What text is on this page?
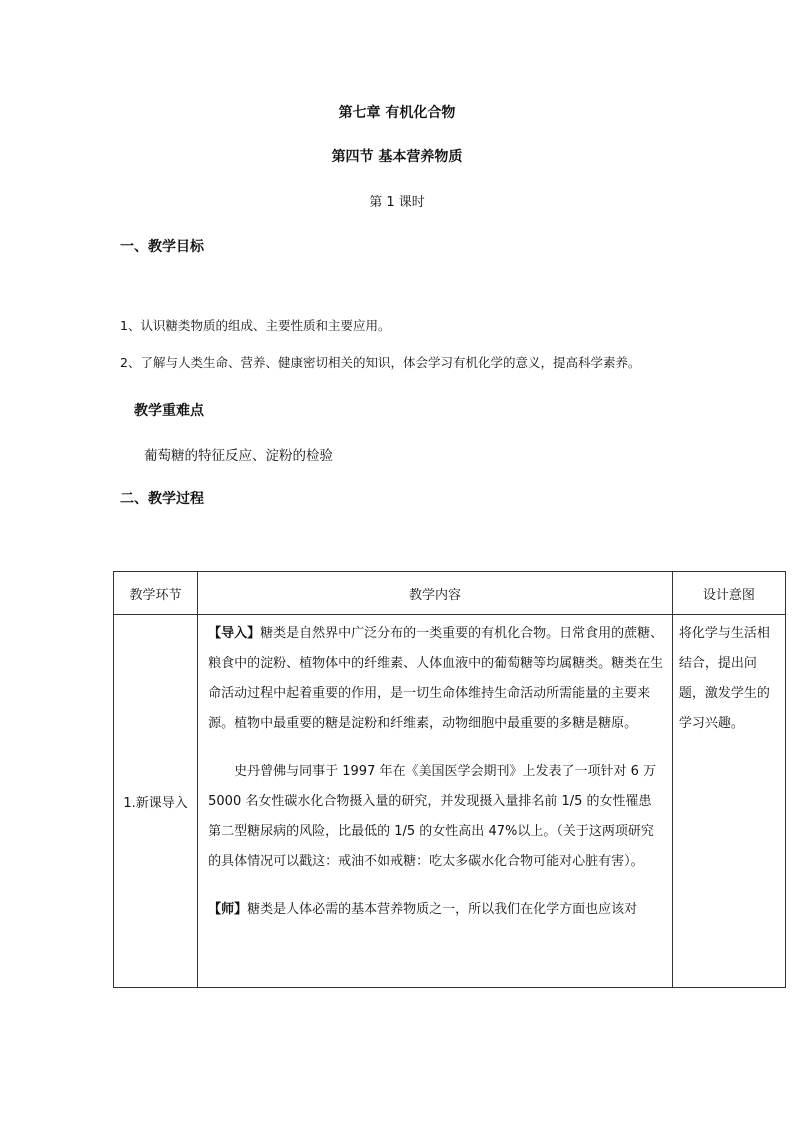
第七章 有机化合物
第四节 基本营养物质
第 1 课时
一、教学目标
1、认识糖类物质的组成、主要性质和主要应用。
2、了解与人类生命、营养、健康密切相关的知识，体会学习有机化学的意义，提高科学素养。
教学重难点
葡萄糖的特征反应、淀粉的检验
二、教学过程
教学环节	教学内容	设计意图
1.新课导入	【导入】糖类是自然界中广泛分布的一类重要的有机化合物。日常食用的蔗糖、粮食中的淀粉、植物体中的纤维素、人体血液中的葡萄糖等均属糖类。糖类在生命活动过程中起着重要的作用，是一切生命体维持生命活动所需能量的主要来源。植物中最重要的糖是淀粉和纤维素，动物细胞中最重要的多糖是糖原。

史丹曾佛与同事于 1997 年在《美国医学会期刊》上发表了一项针对 6 万 5000 名女性碳水化合物摄入量的研究，并发现摄入量排名前 1/5 的女性罹患第二型糖尿病的风险，比最低的 1/5 的女性高出 47%以上。（关于这两项研究的具体情况可以戳这：戒油不如戒糖：吃太多碳水化合物可能对心脏有害）。

【师】糖类是人体必需的基本营养物质之一，所以我们在化学方面也应该对	将化学与生活相结合，提出问题，激发学生的学习兴趣。
